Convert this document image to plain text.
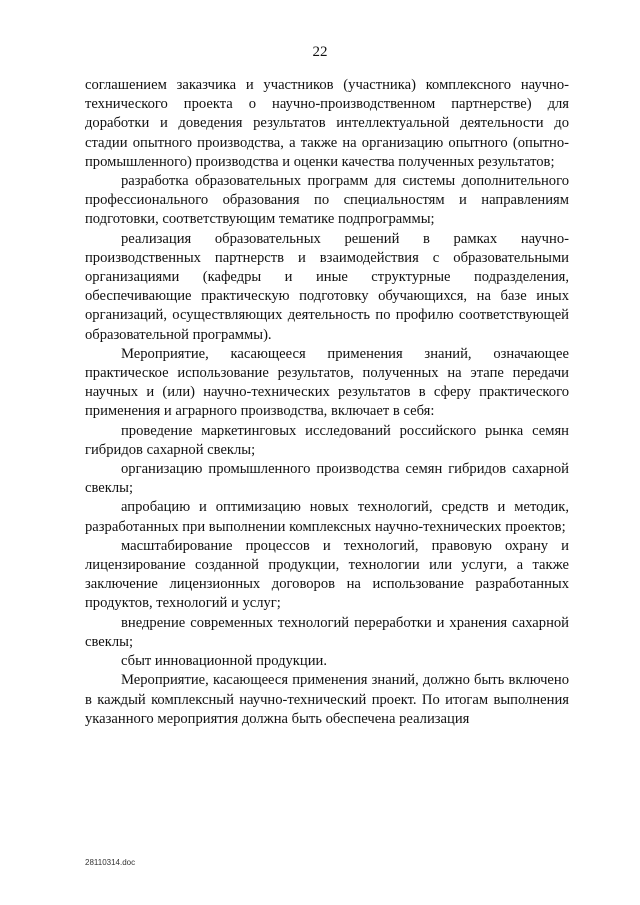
22

соглашением заказчика и участников (участника) комплексного научно-технического проекта о научно-производственном партнерстве) для доработки и доведения результатов интеллектуальной деятельности до стадии опытного производства, а также на организацию опытного (опытно-промышленного) производства и оценки качества полученных результатов;

разработка образовательных программ для системы дополнительного профессионального образования по специальностям и направлениям подготовки, соответствующим тематике подпрограммы;

реализация образовательных решений в рамках научно-производственных партнерств и взаимодействия с образовательными организациями (кафедры и иные структурные подразделения, обеспечивающие практическую подготовку обучающихся, на базе иных организаций, осуществляющих деятельность по профилю соответствующей образовательной программы).

Мероприятие, касающееся применения знаний, означающее практическое использование результатов, полученных на этапе передачи научных и (или) научно-технических результатов в сферу практического применения и аграрного производства, включает в себя:

проведение маркетинговых исследований российского рынка семян гибридов сахарной свеклы;

организацию промышленного производства семян гибридов сахарной свеклы;

апробацию и оптимизацию новых технологий, средств и методик, разработанных при выполнении комплексных научно-технических проектов;

масштабирование процессов и технологий, правовую охрану и лицензирование созданной продукции, технологии или услуги, а также заключение лицензионных договоров на использование разработанных продуктов, технологий и услуг;

внедрение современных технологий переработки и хранения сахарной свеклы;

сбыт инновационной продукции.

Мероприятие, касающееся применения знаний, должно быть включено в каждый комплексный научно-технический проект. По итогам выполнения указанного мероприятия должна быть обеспечена реализация

28110314.doc
